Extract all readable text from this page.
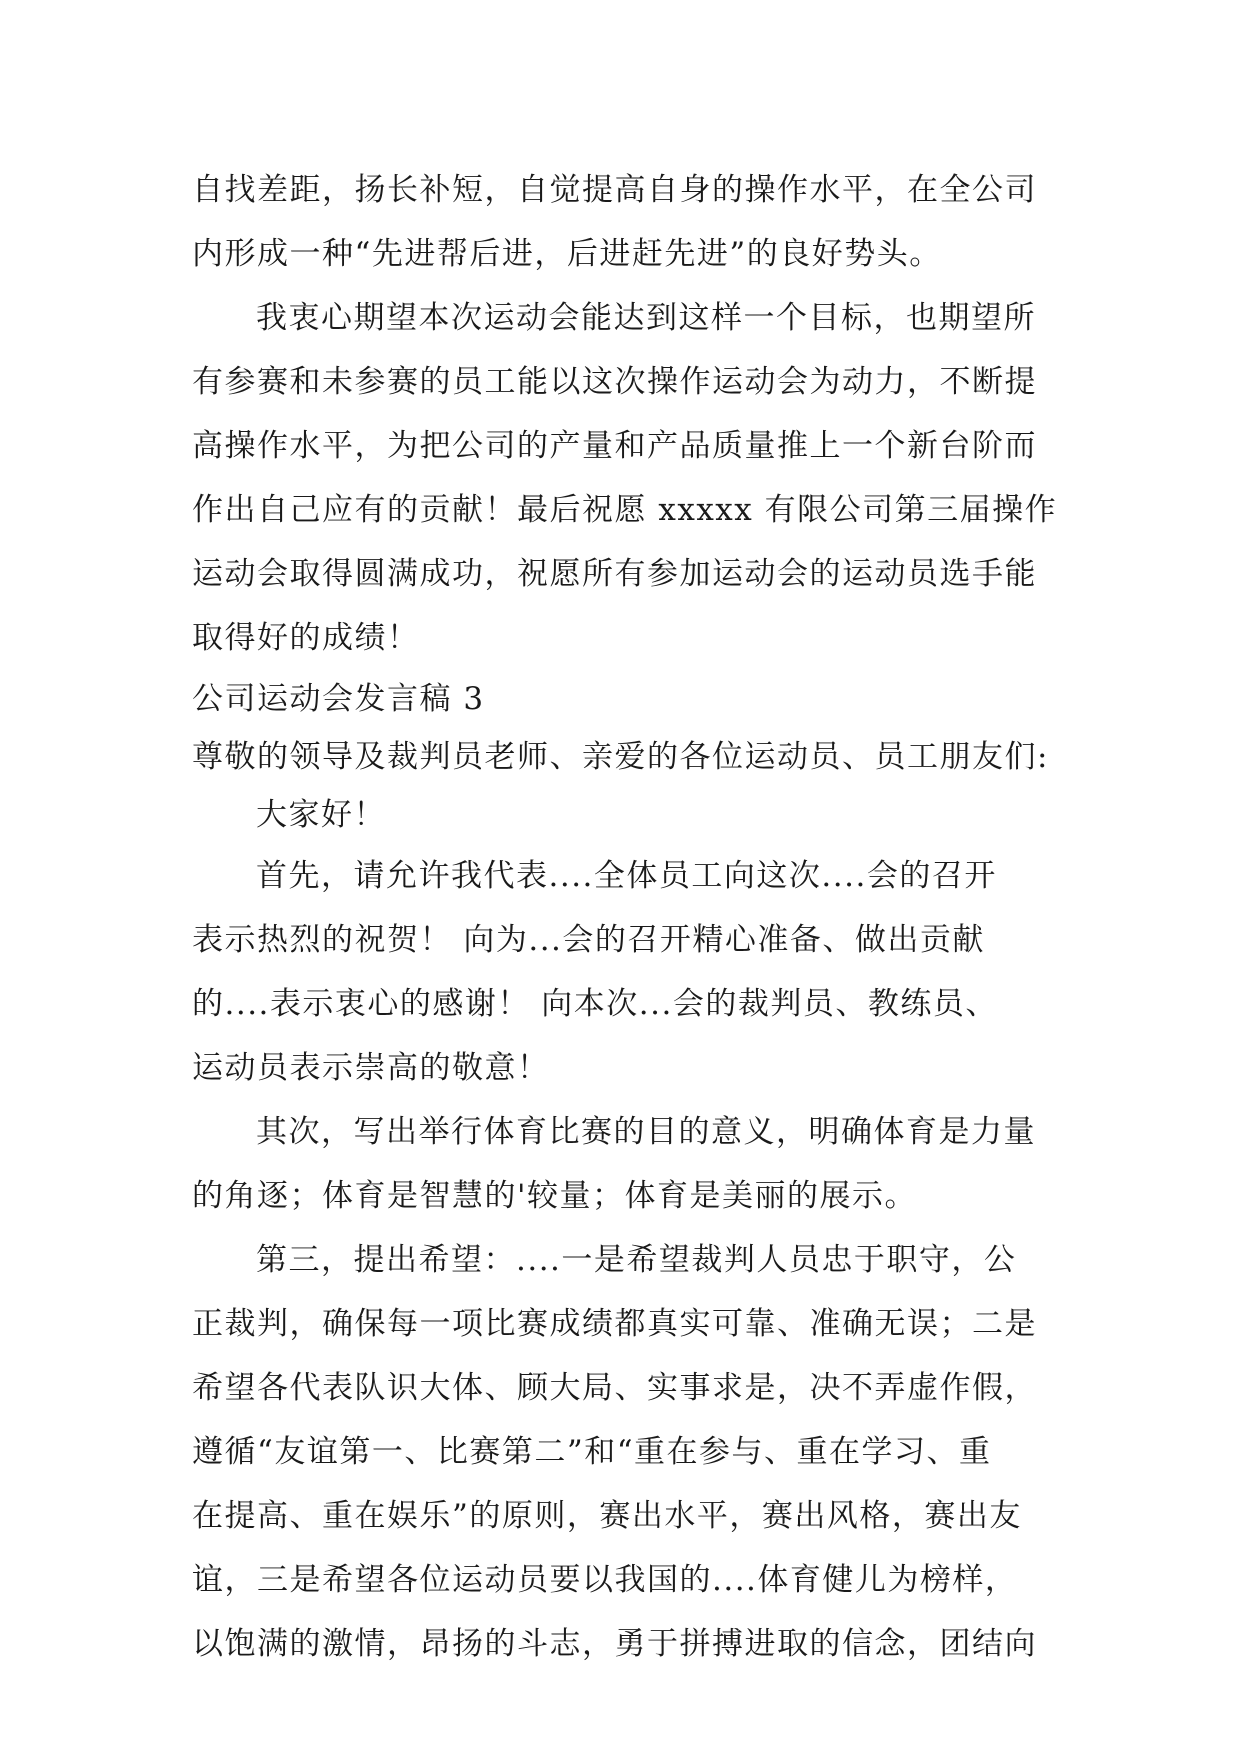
自找差距，扬长补短，自觉提高自身的操作水平，在全公司
内形成一种“先进帮后进，后进赶先进”的良好势头。
我衷心期望本次运动会能达到这样一个目标，也期望所
有参赛和未参赛的员工能以这次操作运动会为动力，不断提
高操作水平，为把公司的产量和产品质量推上一个新台阶而
作出自己应有的贡献！最后祝愿 xxxxx 有限公司第三届操作
运动会取得圆满成功，祝愿所有参加运动会的运动员选手能
取得好的成绩！
公司运动会发言稿 3
尊敬的领导及裁判员老师、亲爱的各位运动员、员工朋友们:
大家好！
首先，请允许我代表....全体员工向这次....会的召开
表示热烈的祝贺！ 向为...会的召开精心准备、做出贡献
的....表示衷心的感谢！ 向本次...会的裁判员、教练员、
运动员表示崇高的敬意！
其次，写出举行体育比赛的目的意义，明确体育是力量
的角逐；体育是智慧的'较量；体育是美丽的展示。
第三，提出希望：....一是希望裁判人员忠于职守，公
正裁判，确保每一项比赛成绩都真实可靠、准确无误；二是
希望各代表队识大体、顾大局、实事求是，决不弄虚作假，
遵循“友谊第一、比赛第二”和“重在参与、重在学习、重
在提高、重在娱乐”的原则，赛出水平，赛出风格，赛出友
谊，三是希望各位运动员要以我国的....体育健儿为榜样，
以饱满的激情，昂扬的斗志，勇于拼搏进取的信念，团结向
